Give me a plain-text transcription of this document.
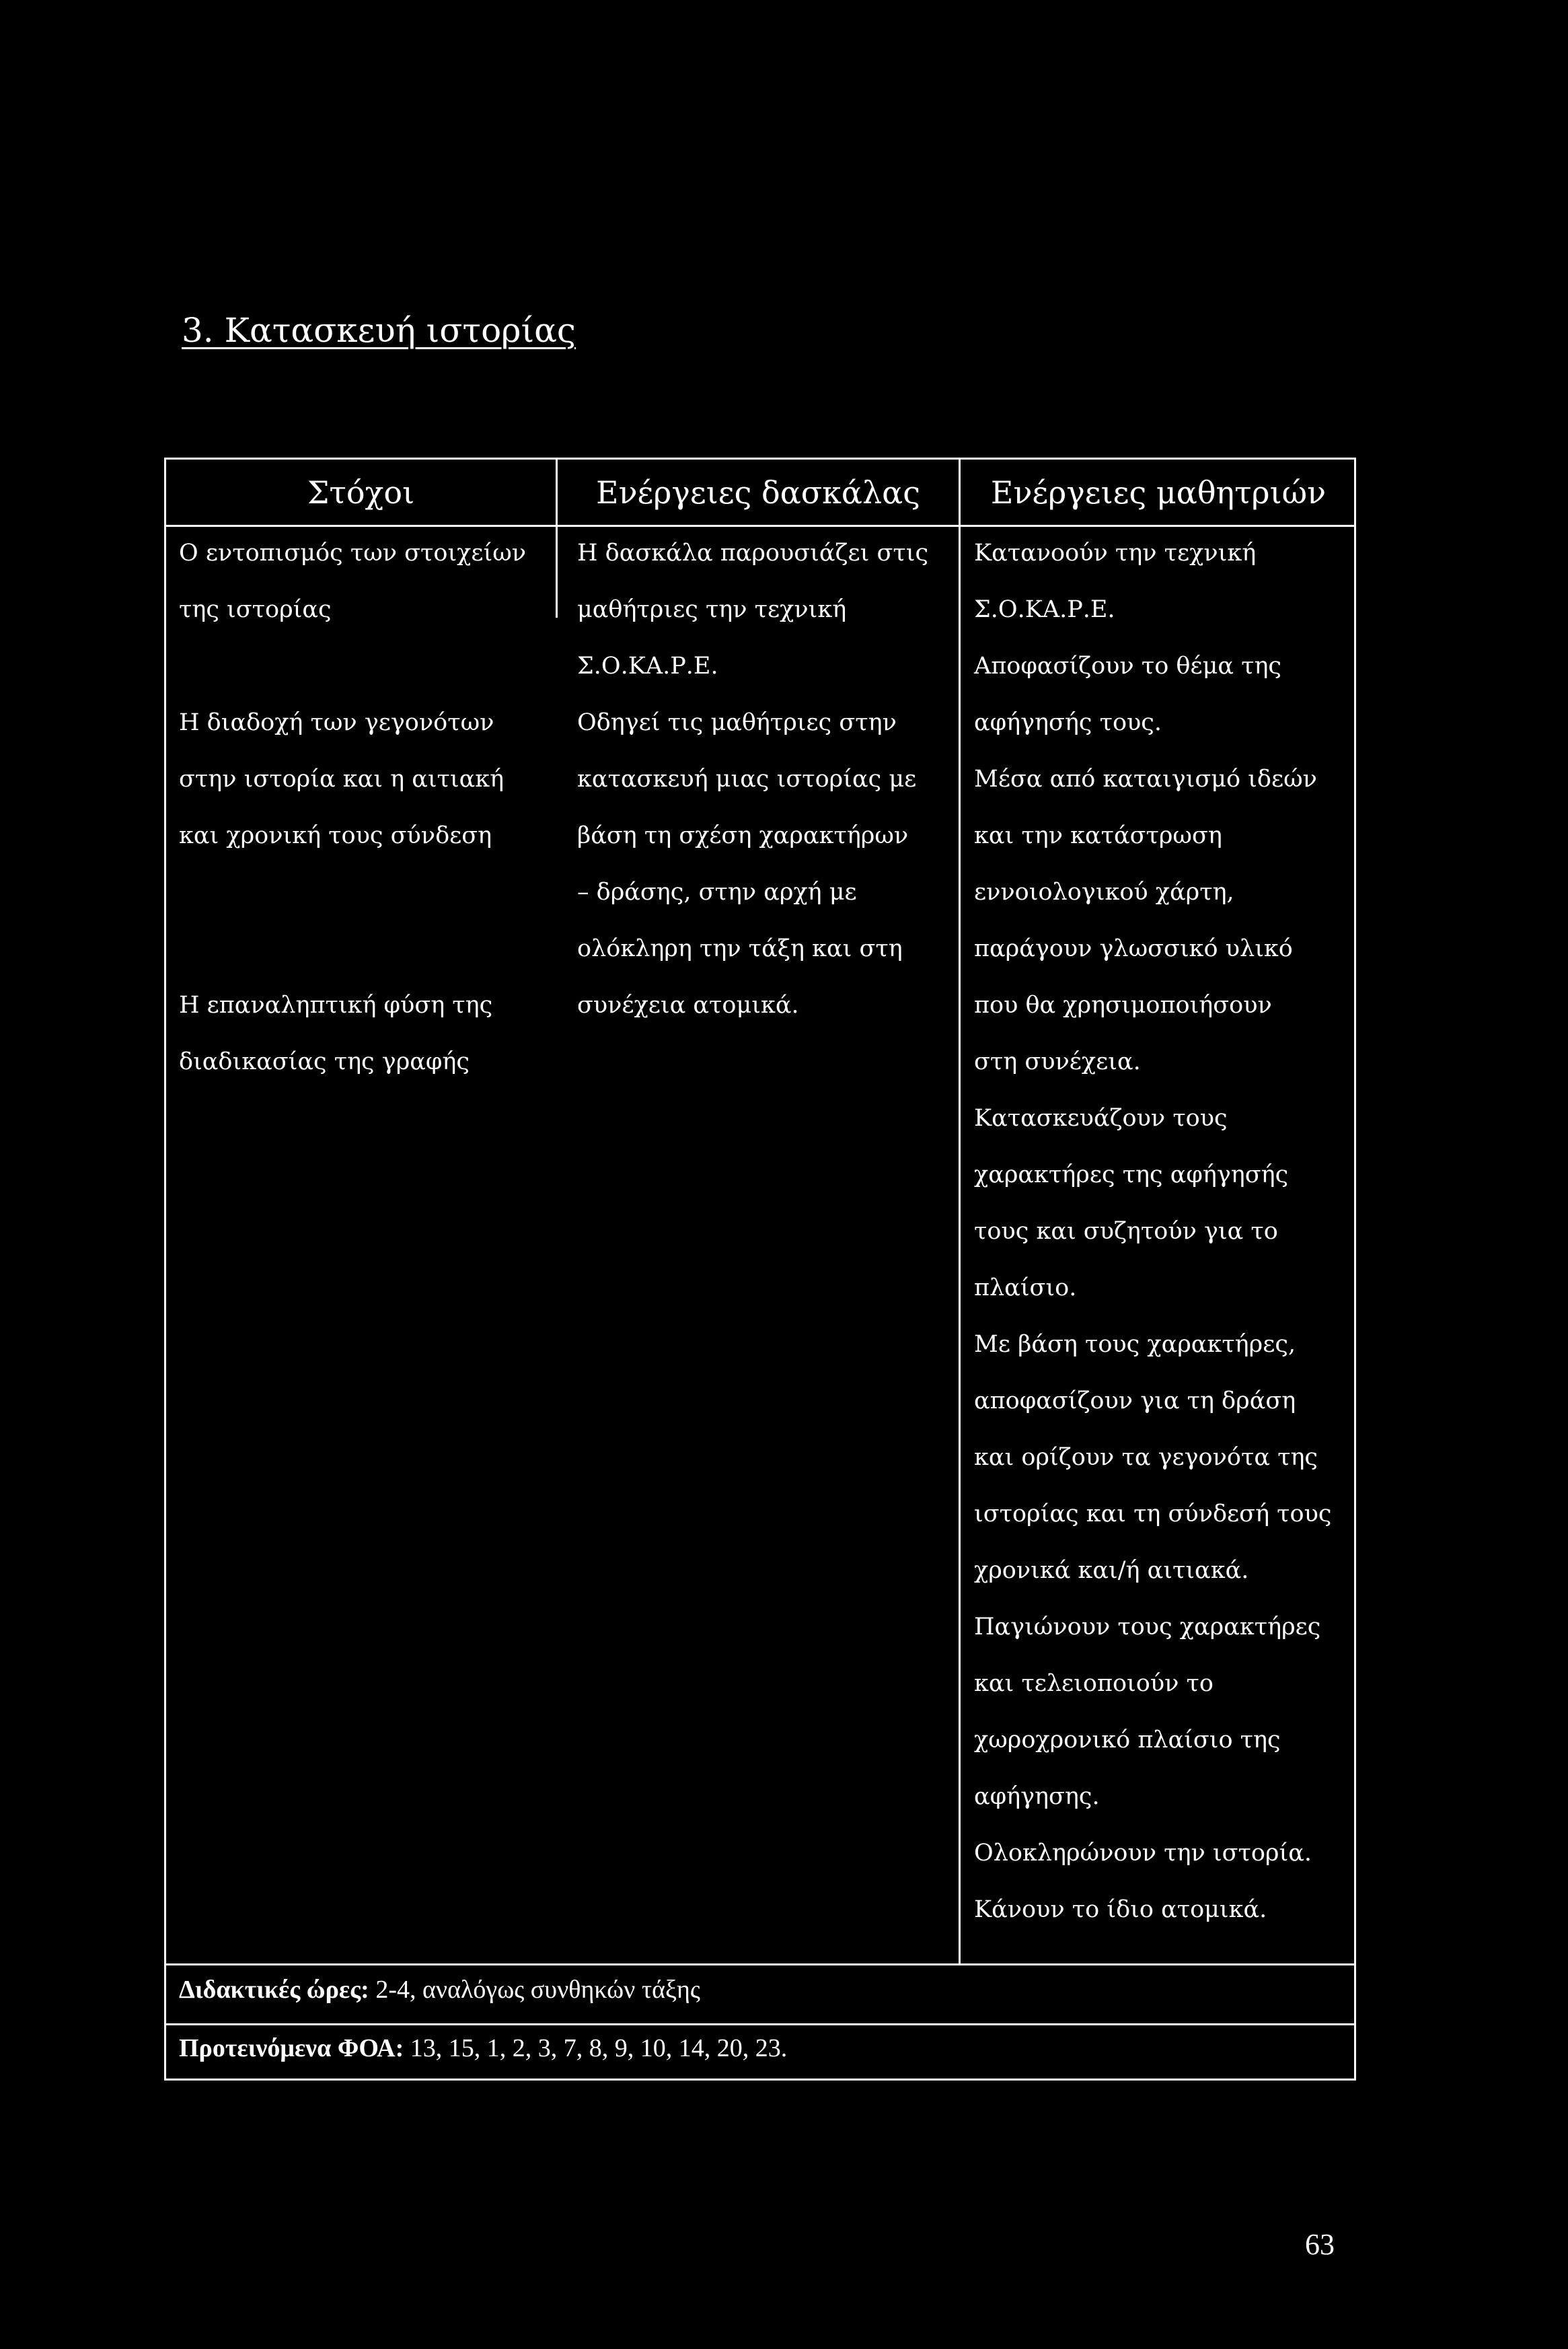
3. Κατασκευή ιστορίας
Στόχοι	Ενέργειες δασκάλας	Ενέργειες μαθητριών
Ο εντοπισμός των στοιχείων
της ιστορίας
Η διαδοχή των γεγονότων
στην ιστορία και η αιτιακή
και χρονική τους σύνδεση
Η επαναληπτική φύση της
διαδικασίας της γραφής
Η δασκάλα παρουσιάζει στις
μαθήτριες την τεχνική
Σ.Ο.ΚΑ.Ρ.Ε.
Οδηγεί τις μαθήτριες στην
κατασκευή μιας ιστορίας με
βάση τη σχέση χαρακτήρων
– δράσης, στην αρχή με
ολόκληρη την τάξη και στη
συνέχεια ατομικά.
Κατανοούν την τεχνική
Σ.Ο.ΚΑ.Ρ.Ε.
Αποφασίζουν το θέμα της
αφήγησής τους.
Μέσα από καταιγισμό ιδεών
και την κατάστρωση
εννοιολογικού χάρτη,
παράγουν γλωσσικό υλικό
που θα χρησιμοποιήσουν
στη συνέχεια.
Κατασκευάζουν τους
χαρακτήρες της αφήγησής
τους και συζητούν για το
πλαίσιο.
Με βάση τους χαρακτήρες,
αποφασίζουν για τη δράση
και ορίζουν τα γεγονότα της
ιστορίας και τη σύνδεσή τους
χρονικά και/ή αιτιακά.
Παγιώνουν τους χαρακτήρες
και τελειοποιούν το
χωροχρονικό πλαίσιο της
αφήγησης.
Ολοκληρώνουν την ιστορία.
Κάνουν το ίδιο ατομικά.
Διδακτικές ώρες: 2-4, αναλόγως συνθηκών τάξης
Προτεινόμενα ΦΟΑ: 13, 15, 1, 2, 3, 7, 8, 9, 10, 14, 20, 23.
63
